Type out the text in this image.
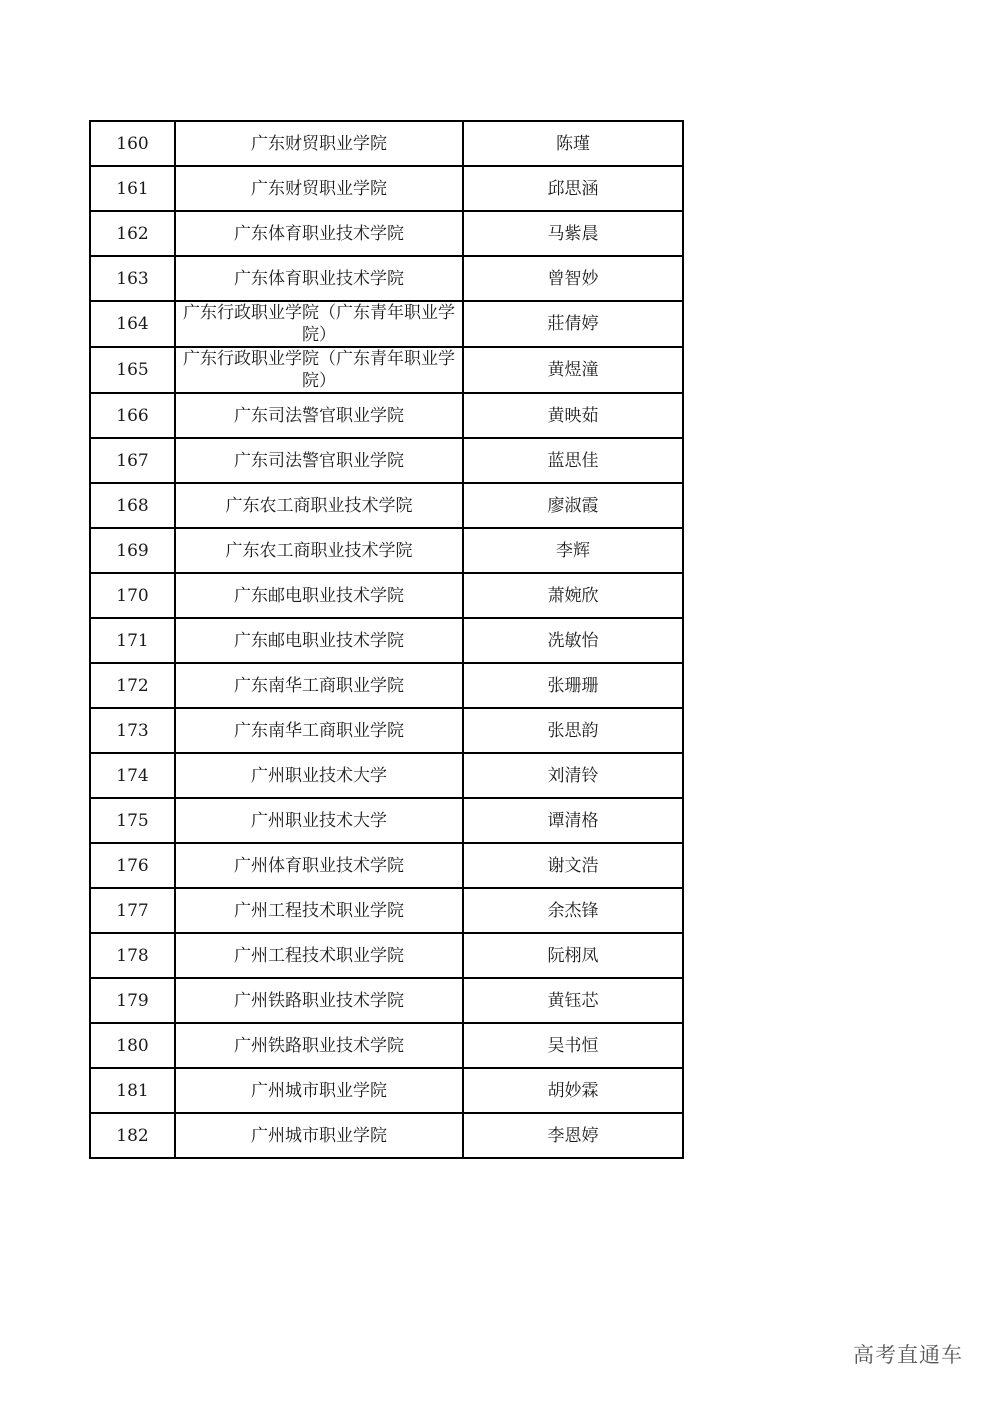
160	广东财贸职业学院	陈瑾
161	广东财贸职业学院	邱思涵
162	广东体育职业技术学院	马紫晨
163	广东体育职业技术学院	曾智妙
164	广东行政职业学院（广东青年职业学院）	莊倩婷
165	广东行政职业学院（广东青年职业学院）	黄煜潼
166	广东司法警官职业学院	黄映茹
167	广东司法警官职业学院	蓝思佳
168	广东农工商职业技术学院	廖淑霞
169	广东农工商职业技术学院	李辉
170	广东邮电职业技术学院	萧婉欣
171	广东邮电职业技术学院	冼敏怡
172	广东南华工商职业学院	张珊珊
173	广东南华工商职业学院	张思韵
174	广州职业技术大学	刘清铃
175	广州职业技术大学	谭清格
176	广州体育职业技术学院	谢文浩
177	广州工程技术职业学院	余杰锋
178	广州工程技术职业学院	阮栩凤
179	广州铁路职业技术学院	黄钰芯
180	广州铁路职业技术学院	吴书恒
181	广州城市职业学院	胡妙霖
182	广州城市职业学院	李恩婷
高考直通车
